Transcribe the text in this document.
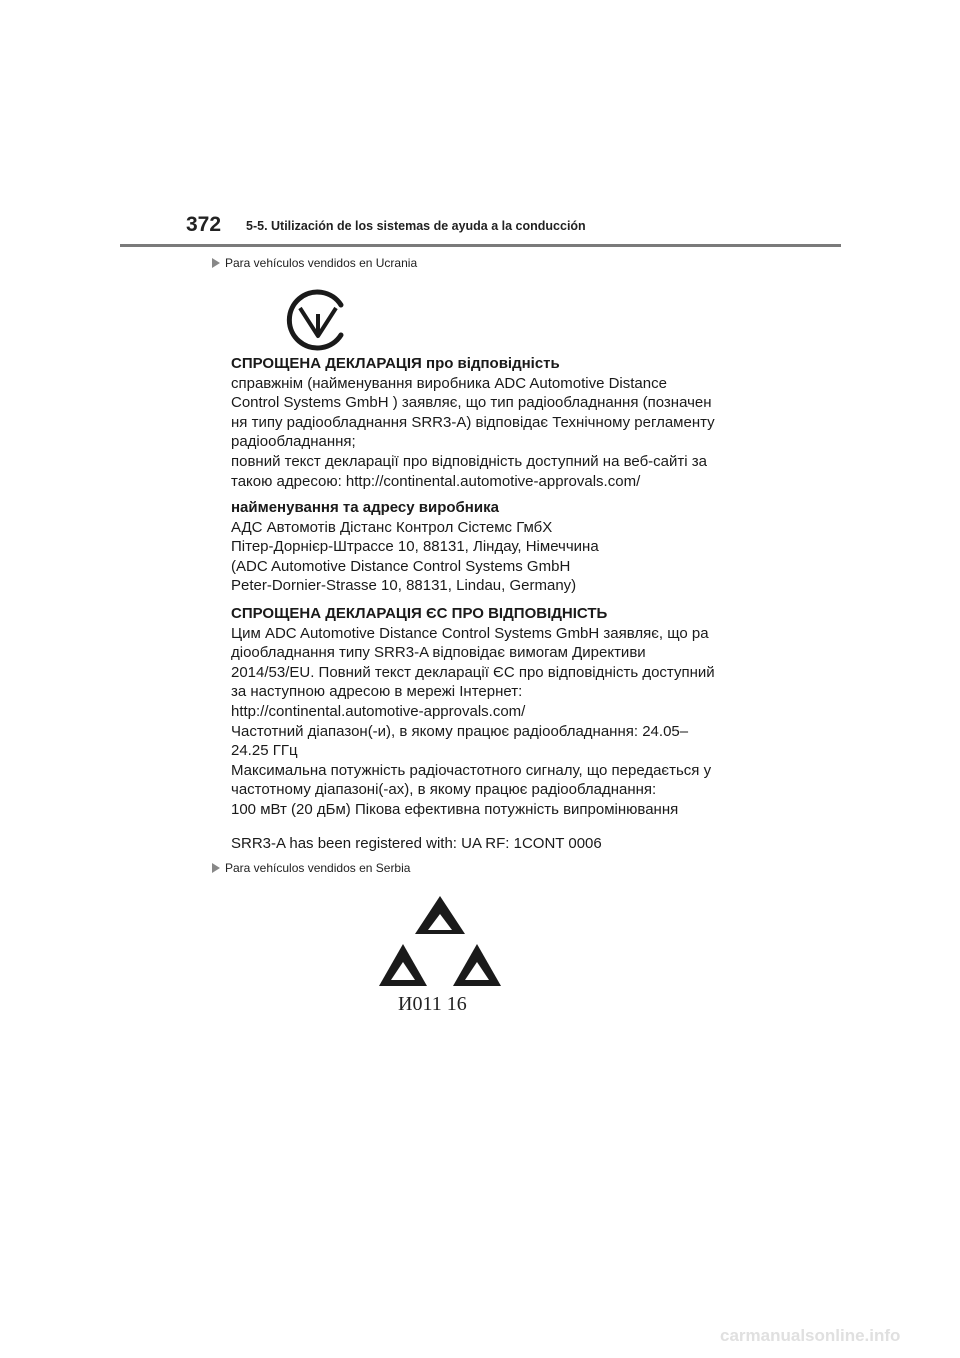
372 5-5. Utilización de los sistemas de ayuda a la conducción
Para vehículos vendidos en Ucrania

СПРОЩЕНА ДЕКЛАРАЦІЯ про відповідність

справжнім (найменування виробника ADC Automotive Distance

Control Systems GmbH ) заявляє, що тип радіообладнання (позначен

ня типу радіообладнання SRR3-A) відповідає Технічному регламенту

радіообладнання;

повний текст декларації про відповідність доступний на веб-сайті за

такою адресою: http://continental.automotive-approvals.com/

найменування та адресу виробника

АДС Автомотів Дістанс Контрол Сістемс ГмбХ

Пітер-Дорнієр-Штрассе 10, 88131, Ліндау, Німеччина

(ADC Automotive Distance Control Systems GmbH

Peter-Dornier-Strasse 10, 88131, Lindau, Germany)

СПРОЩЕНА ДЕКЛАРАЦІЯ ЄС ПРО ВІДПОВІДНІСТЬ

Цим ADC Automotive Distance Control Systems GmbH заявляє, що ра

діообладнання типу SRR3-A відповідає вимогам Директиви

2014/53/EU. Повний текст декларації ЄС про відповідність доступний

за наступною адресою в мережі Інтернет:

http://continental.automotive-approvals.com/

Частотний діапазон(-и), в якому працює радіообладнання: 24.05–

24.25 ГГц

Максимальна потужність радіочастотного сигналу, що передається у

частотному діапазоні(-ах), в якому працює радіообладнання:

100 мВт (20 дБм) Пікова ефективна потужність випромінювання

SRR3-A has been registered with: UA RF: 1CONT 0006

Para vehículos vendidos en Serbia
И011 16
carmanualsonline.info
